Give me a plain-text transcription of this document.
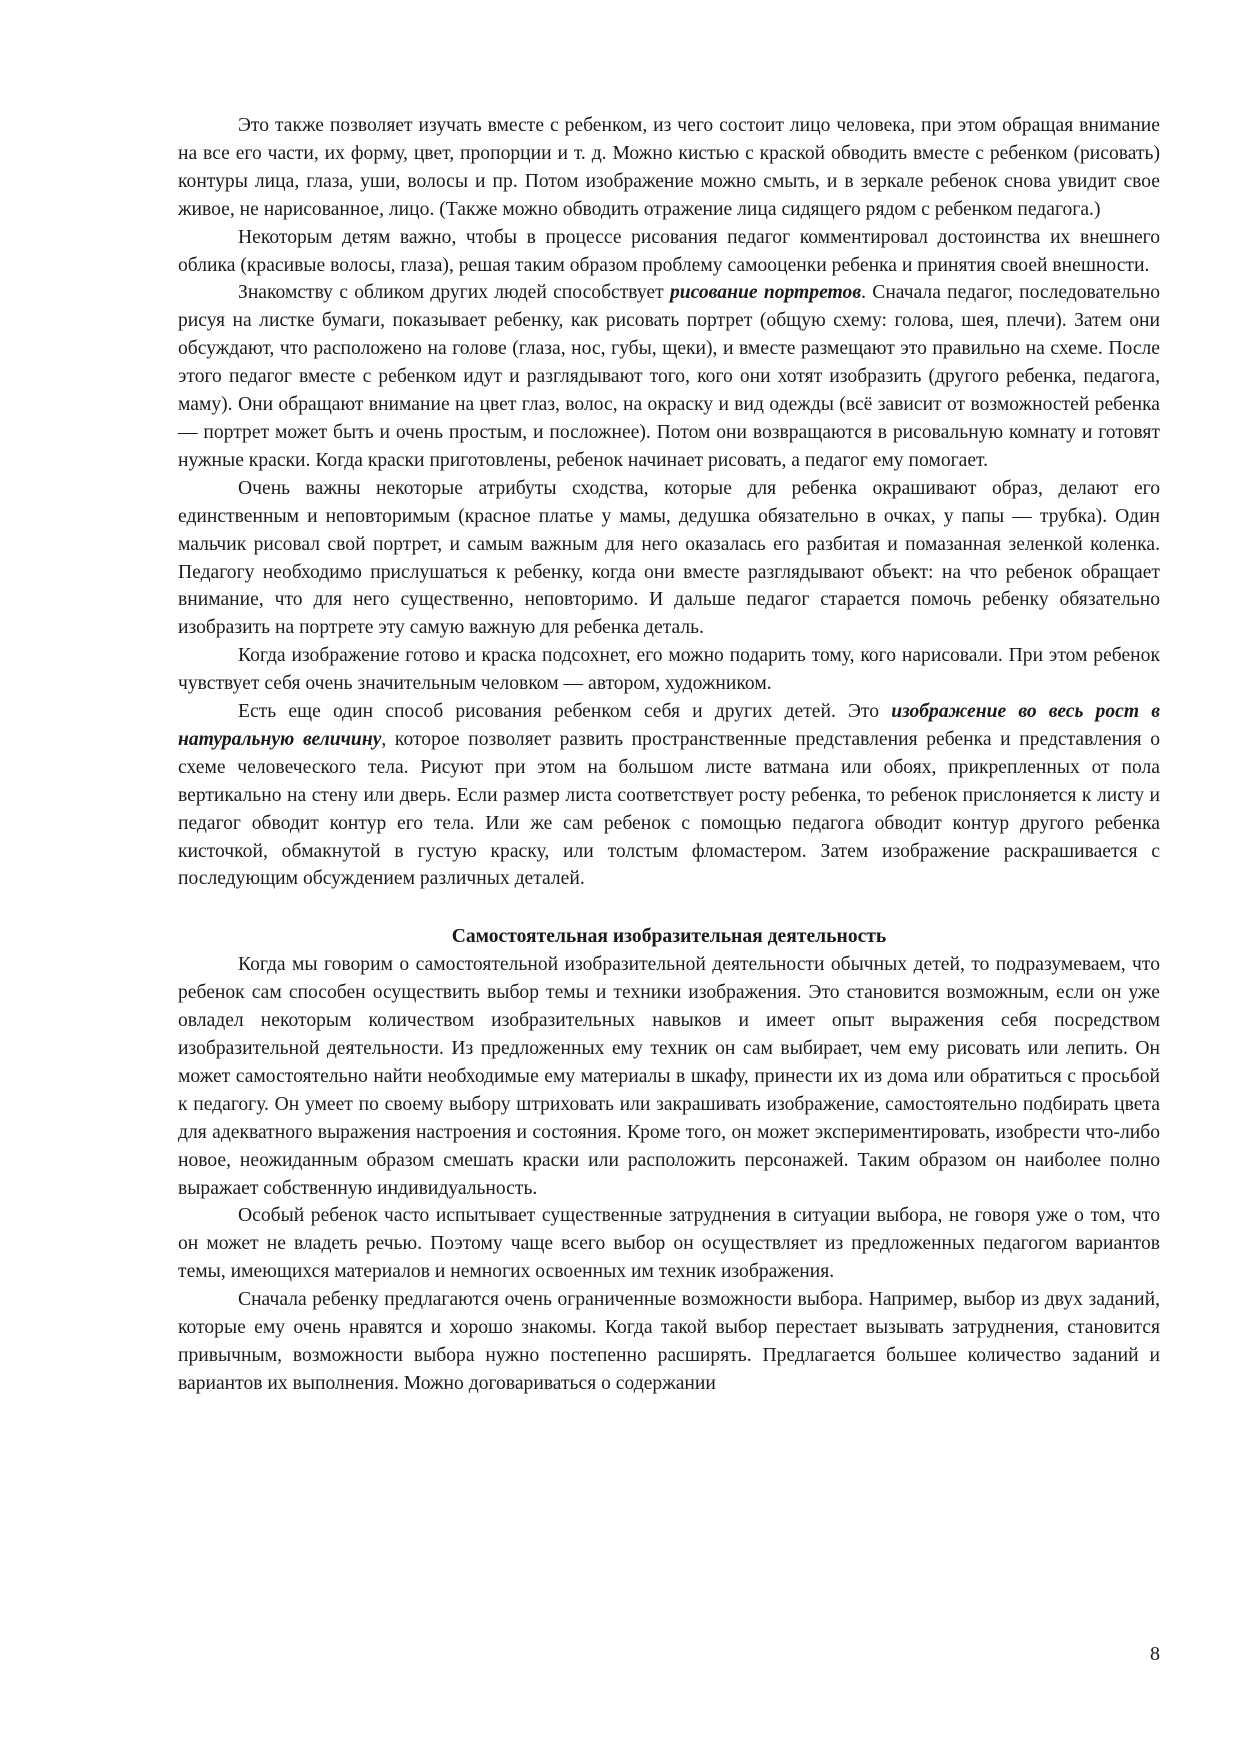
Это также позволяет изучать вместе с ребенком, из чего состоит лицо человека, при этом обращая внимание на все его части, их форму, цвет, пропорции и т. д. Можно кистью с краской обводить вместе с ребенком (рисовать) контуры лица, глаза, уши, волосы и пр. Потом изображение можно смыть, и в зеркале ребенок снова увидит свое живое, не нарисованное, лицо. (Также можно обводить отражение лица сидящего рядом с ребенком педагога.)

Некоторым детям важно, чтобы в процессе рисования педагог комментировал достоинства их внешнего облика (красивые волосы, глаза), решая таким образом проблему самооценки ребенка и принятия своей внешности.

Знакомству с обликом других людей способствует рисование портретов. Сначала педагог, последовательно рисуя на листке бумаги, показывает ребенку, как рисовать портрет (общую схему: голова, шея, плечи). Затем они обсуждают, что расположено на голове (глаза, нос, губы, щеки), и вместе размещают это правильно на схеме. После этого педагог вместе с ребенком идут и разглядывают того, кого они хотят изобразить (другого ребенка, педагога, маму). Они обращают внимание на цвет глаз, волос, на окраску и вид одежды (всё зависит от возможностей ребенка — портрет может быть и очень простым, и посложнее). Потом они возвращаются в рисовальную комнату и готовят нужные краски. Когда краски приготовлены, ребенок начинает рисовать, а педагог ему помогает.

Очень важны некоторые атрибуты сходства, которые для ребенка окрашивают образ, делают его единственным и неповторимым (красное платье у мамы, дедушка обязательно в очках, у папы — трубка). Один мальчик рисовал свой портрет, и самым важным для него оказалась его разбитая и помазанная зеленкой коленка. Педагогу необходимо прислушаться к ребенку, когда они вместе разглядывают объект: на что ребенок обращает внимание, что для него существенно, неповторимо. И дальше педагог старается помочь ребенку обязательно изобразить на портрете эту самую важную для ребенка деталь.

Когда изображение готово и краска подсохнет, его можно подарить тому, кого нарисовали. При этом ребенок чувствует себя очень значительным человком — автором, художником.

Есть еще один способ рисования ребенком себя и других детей. Это изображение во весь рост в натуральную величину, которое позволяет развить пространственные представления ребенка и представления о схеме человеческого тела. Рисуют при этом на большом листе ватмана или обоях, прикрепленных от пола вертикально на стену или дверь. Если размер листа соответствует росту ребенка, то ребенок прислоняется к листу и педагог обводит контур его тела. Или же сам ребенок с помощью педагога обводит контур другого ребенка кисточкой, обмакнутой в густую краску, или толстым фломастером. Затем изображение раскрашивается с последующим обсуждением различных деталей.

Самостоятельная изобразительная деятельность

Когда мы говорим о самостоятельной изобразительной деятельности обычных детей, то подразумеваем, что ребенок сам способен осуществить выбор темы и техники изображения. Это становится возможным, если он уже овладел некоторым количеством изобразительных навыков и имеет опыт выражения себя посредством изобразительной деятельности. Из предложенных ему техник он сам выбирает, чем ему рисовать или лепить. Он может самостоятельно найти необходимые ему материалы в шкафу, принести их из дома или обратиться с просьбой к педагогу. Он умеет по своему выбору штриховать или закрашивать изображение, самостоятельно подбирать цвета для адекватного выражения настроения и состояния. Кроме того, он может экспериментировать, изобрести что-либо новое, неожиданным образом смешать краски или расположить персонажей. Таким образом он наиболее полно выражает собственную индивидуальность.

Особый ребенок часто испытывает существенные затруднения в ситуации выбора, не говоря уже о том, что он может не владеть речью. Поэтому чаще всего выбор он осуществляет из предложенных педагогом вариантов темы, имеющихся материалов и немногих освоенных им техник изображения.

Сначала ребенку предлагаются очень ограниченные возможности выбора. Например, выбор из двух заданий, которые ему очень нравятся и хорошо знакомы. Когда такой выбор перестает вызывать затруднения, становится привычным, возможности выбора нужно постепенно расширять. Предлагается большее количество заданий и вариантов их выполнения. Можно договариваться о содержании

8
